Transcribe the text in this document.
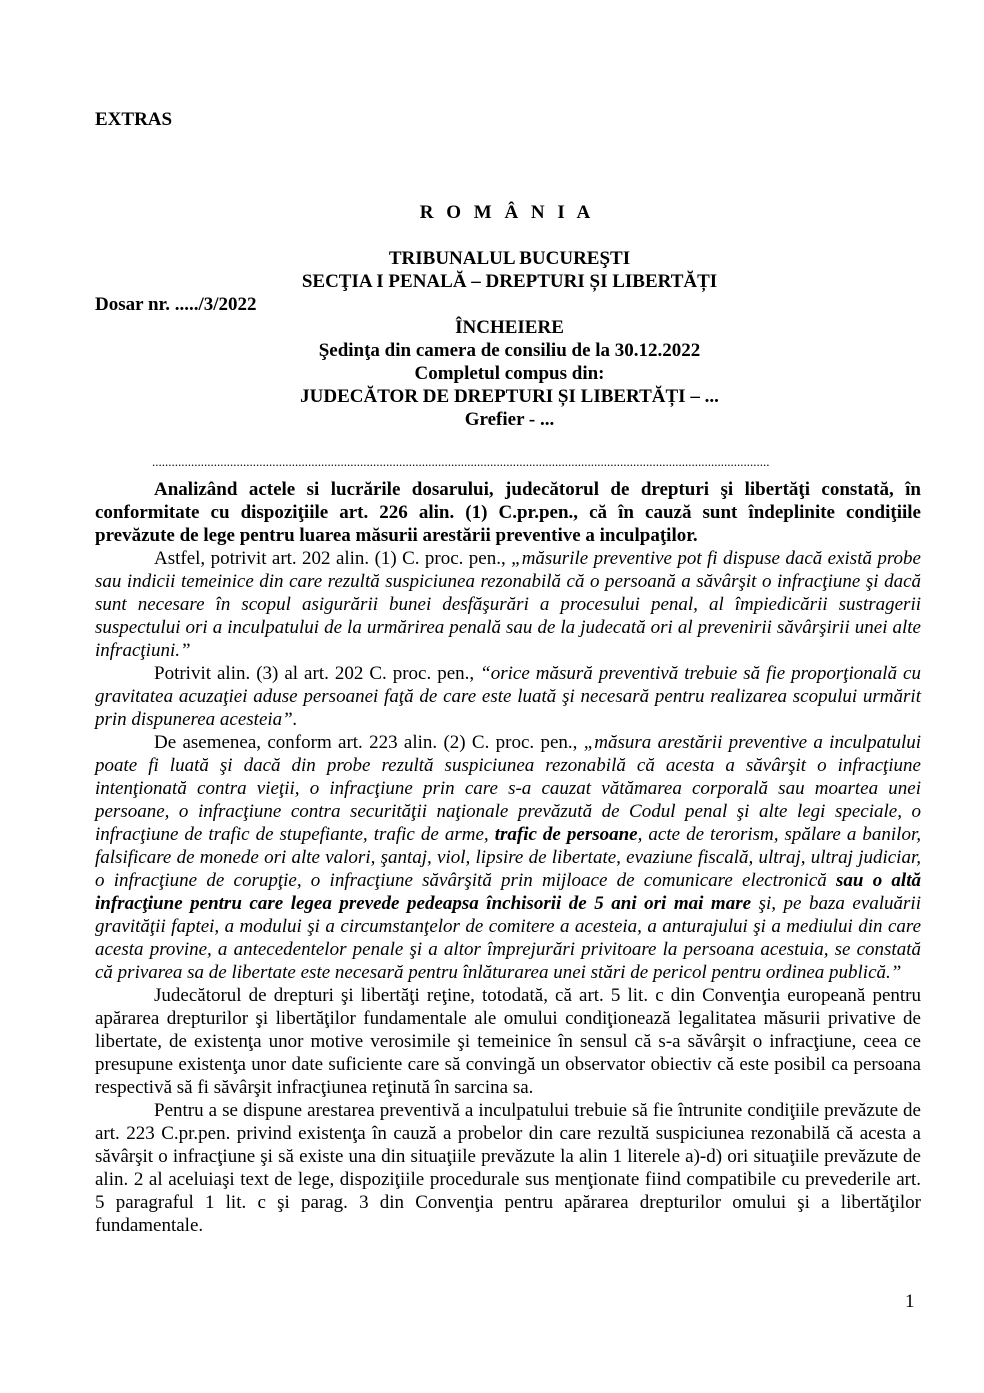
EXTRAS
R O M Â N I A
TRIBUNALUL BUCUREŞTI
SECŢIA I PENALĂ – DREPTURI ȘI LIBERTĂȚI
Dosar nr. ...../3/2022
ÎNCHEIERE
Şedinţa din camera de consiliu de la 30.12.2022
Completul compus din:
JUDECĂTOR DE DREPTURI ȘI LIBERTĂȚI – ...
Grefier - ...
..............................................................................................................................................................................................

Analizând actele si lucrările dosarului, judecătorul de drepturi şi libertăţi constată, în conformitate cu dispoziţiile art. 226 alin. (1) C.pr.pen., că în cauză sunt îndeplinite condiţiile prevăzute de lege pentru luarea măsurii arestării preventive a inculpaţilor.

Astfel, potrivit art. 202 alin. (1) C. proc. pen., „măsurile preventive pot fi dispuse dacă există probe sau indicii temeinice din care rezultă suspiciunea rezonabilă că o persoană a săvârşit o infracţiune şi dacă sunt necesare în scopul asigurării bunei desfăşurări a procesului penal, al împiedicării sustragerii suspectului ori a inculpatului de la urmărirea penală sau de la judecată ori al prevenirii săvârşirii unei alte infracţiuni.”

Potrivit alin. (3) al art. 202 C. proc. pen., “orice măsură preventivă trebuie să fie proporţională cu gravitatea acuzaţiei aduse persoanei faţă de care este luată şi necesară pentru realizarea scopului urmărit prin dispunerea acesteia”.

De asemenea, conform art. 223 alin. (2) C. proc. pen., „măsura arestării preventive a inculpatului poate fi luată şi dacă din probe rezultă suspiciunea rezonabilă că acesta a săvârşit o infracţiune intenţionată contra vieţii, o infracţiune prin care s-a cauzat vătămarea corporală sau moartea unei persoane, o infracţiune contra securităţii naţionale prevăzută de Codul penal şi alte legi speciale, o infracţiune de trafic de stupefiante, trafic de arme, trafic de persoane, acte de terorism, spălare a banilor, falsificare de monede ori alte valori, şantaj, viol, lipsire de libertate, evaziune fiscală, ultraj, ultraj judiciar, o infracţiune de corupţie, o infracţiune săvârşită prin mijloace de comunicare electronică sau o altă infracţiune pentru care legea prevede pedeapsa închisorii de 5 ani ori mai mare şi, pe baza evaluării gravităţii faptei, a modului şi a circumstanţelor de comitere a acesteia, a anturajului şi a mediului din care acesta provine, a antecedentelor penale şi a altor împrejurări privitoare la persoana acestuia, se constată că privarea sa de libertate este necesară pentru înlăturarea unei stări de pericol pentru ordinea publică.”

Judecătorul de drepturi şi libertăţi reţine, totodată, că art. 5 lit. c din Convenţia europeană pentru apărarea drepturilor şi libertăţilor fundamentale ale omului condiţionează legalitatea măsurii privative de libertate, de existenţa unor motive verosimile şi temeinice în sensul că s-a săvârşit o infracţiune, ceea ce presupune existenţa unor date suficiente care să convingă un observator obiectiv că este posibil ca persoana respectivă să fi săvârşit infracţiunea reţinută în sarcina sa.

Pentru a se dispune arestarea preventivă a inculpatului trebuie să fie întrunite condiţiile prevăzute de art. 223 C.pr.pen. privind existenţa în cauză a probelor din care rezultă suspiciunea rezonabilă că acesta a săvârşit o infracţiune şi să existe una din situaţiile prevăzute la alin 1 literele a)-d) ori situaţiile prevăzute de alin. 2 al aceluiaşi text de lege, dispoziţiile procedurale sus menţionate fiind compatibile cu prevederile art. 5 paragraful 1 lit. c şi parag. 3 din Convenţia pentru apărarea drepturilor omului şi a libertăţilor fundamentale.

1
